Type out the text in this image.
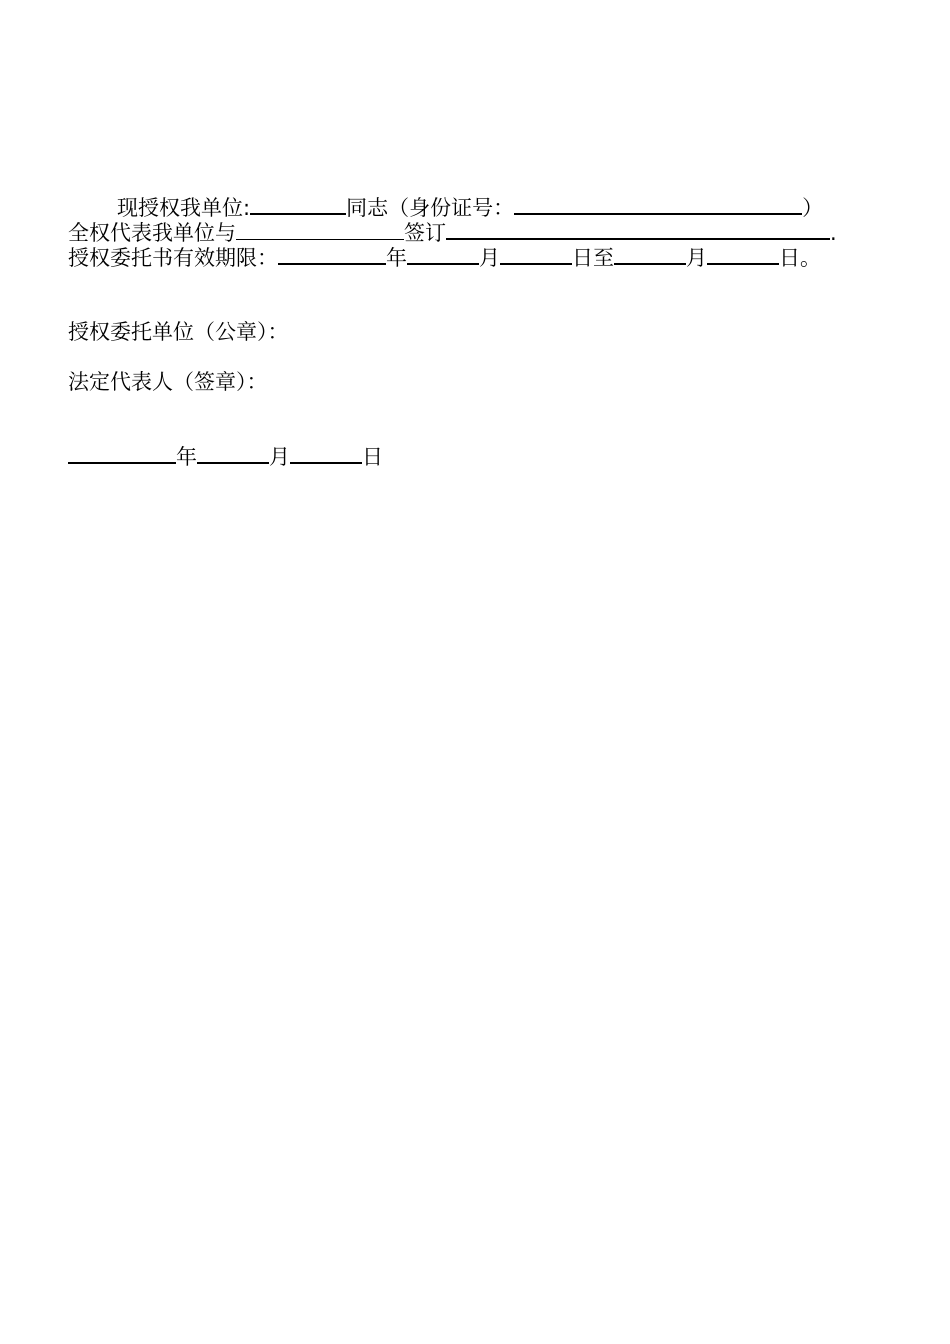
现授权我单位:	同志（身份证号：	）
全权代表我单位与	签订	.
授权委托书有效期限：	年	月	日至	月	日。
授权委托单位（公章）：
法定代表人（签章）：
年	月	日
